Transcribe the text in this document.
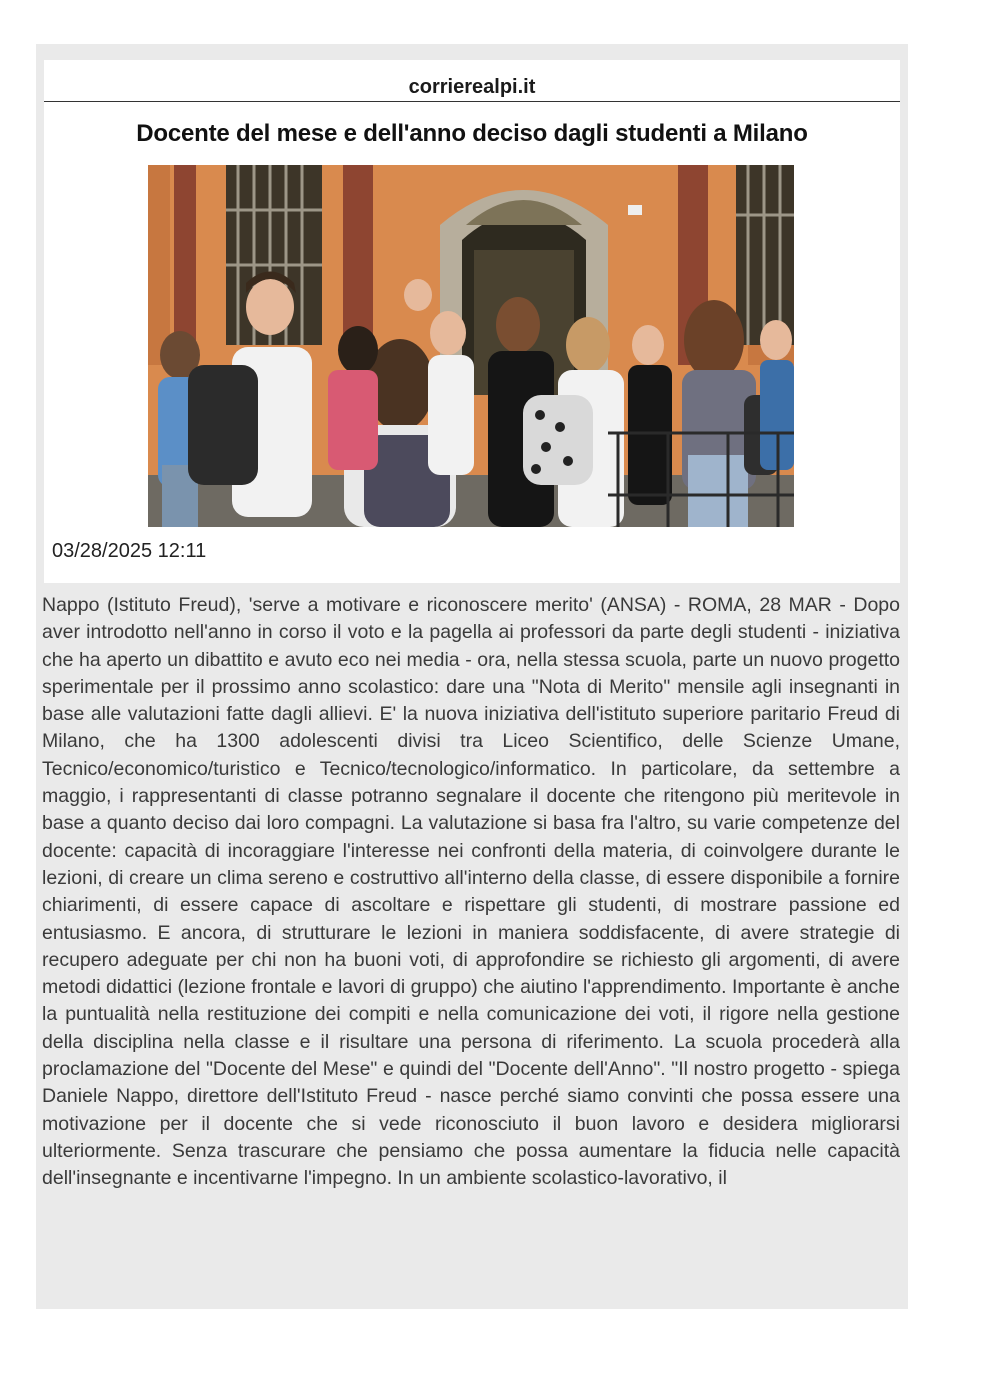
corrierealpi.it
Docente del mese e dell'anno deciso dagli studenti a Milano
03/28/2025 12:11

Nappo (Istituto Freud), 'serve a motivare e riconoscere merito' (ANSA) - ROMA, 28 MAR - Dopo aver introdotto nell'anno in corso il voto e la pagella ai professori da parte degli studenti - iniziativa che ha aperto un dibattito e avuto eco nei media - ora, nella stessa scuola, parte un nuovo progetto sperimentale per il prossimo anno scolastico: dare una "Nota di Merito" mensile agli insegnanti in base alle valutazioni fatte dagli allievi. E' la nuova iniziativa dell'istituto superiore paritario Freud di Milano, che ha 1300 adolescenti divisi tra Liceo Scientifico, delle Scienze Umane, Tecnico/economico/turistico e Tecnico/tecnologico/informatico. In particolare, da settembre a maggio, i rappresentanti di classe potranno segnalare il docente che ritengono più meritevole in base a quanto deciso dai loro compagni. La valutazione si basa fra l'altro, su varie competenze del docente: capacità di incoraggiare l'interesse nei confronti della materia, di coinvolgere durante le lezioni, di creare un clima sereno e costruttivo all'interno della classe, di essere disponibile a fornire chiarimenti, di essere capace di ascoltare e rispettare gli studenti, di mostrare passione ed entusiasmo. E ancora, di strutturare le lezioni in maniera soddisfacente, di avere strategie di recupero adeguate per chi non ha buoni voti, di approfondire se richiesto gli argomenti, di avere metodi didattici (lezione frontale e lavori di gruppo) che aiutino l'apprendimento. Importante è anche la puntualità nella restituzione dei compiti e nella comunicazione dei voti, il rigore nella gestione della disciplina nella classe e il risultare una persona di riferimento. La scuola procederà alla proclamazione del "Docente del Mese" e quindi del "Docente dell'Anno". "Il nostro progetto - spiega Daniele Nappo, direttore dell'Istituto Freud - nasce perché siamo convinti che possa essere una motivazione per il docente che si vede riconosciuto il buon lavoro e desidera migliorarsi ulteriormente. Senza trascurare che pensiamo che possa aumentare la fiducia nelle capacità dell'insegnante e incentivarne l'impegno. In un ambiente scolastico-lavorativo, il
